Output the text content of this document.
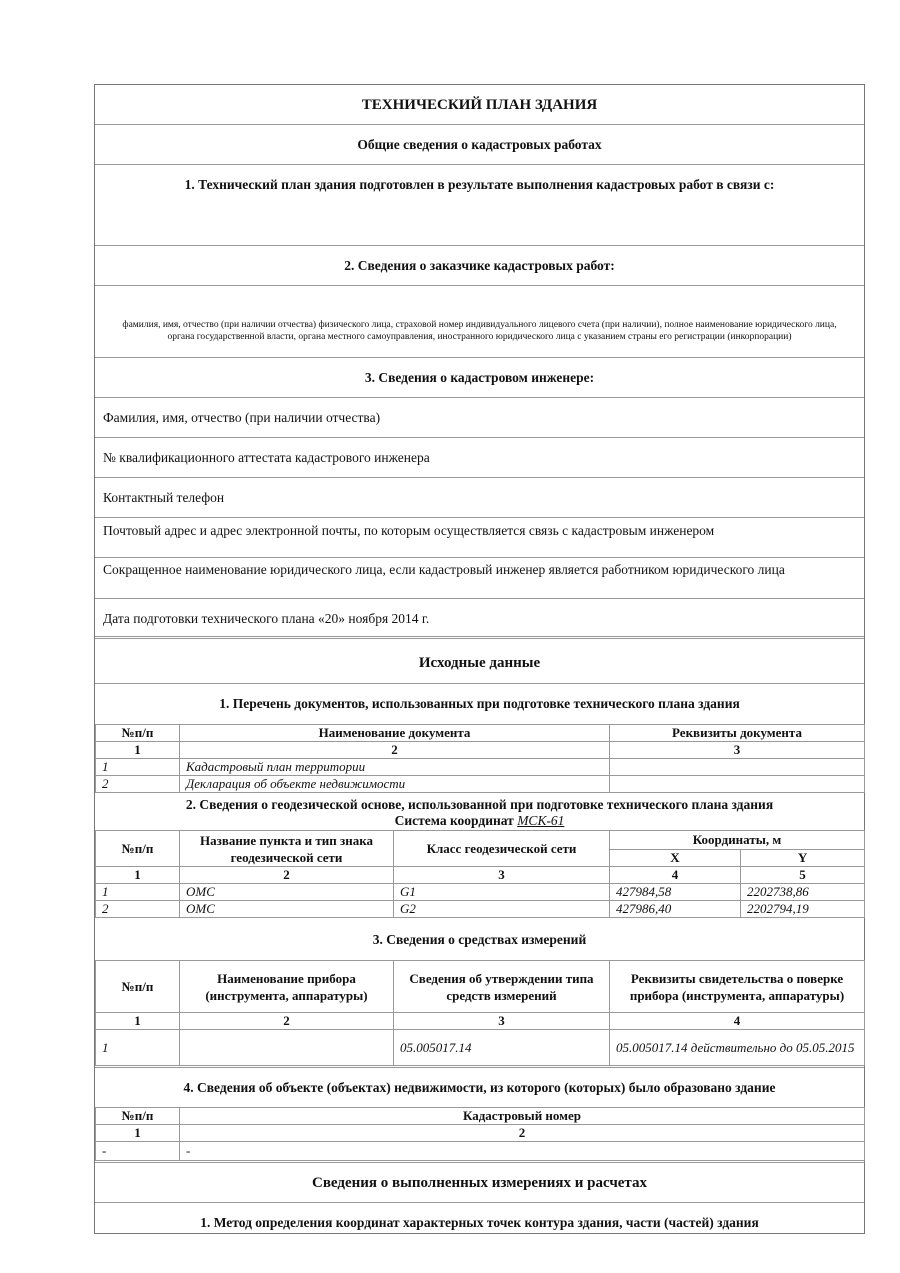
ТЕХНИЧЕСКИЙ ПЛАН ЗДАНИЯ
Общие сведения о кадастровых работах
1. Технический план здания подготовлен в результате выполнения кадастровых работ в связи с:
2. Сведения о заказчике кадастровых работ:
фамилия, имя, отчество (при наличии отчества) физического лица, страховой номер индивидуального лицевого счета (при наличии), полное наименование юридического лица, органа государственной власти, органа местного самоуправления, иностранного юридического лица с указанием страны его регистрации (инкорпорации)
3. Сведения о кадастровом инженере:
Фамилия, имя, отчество (при наличии отчества)
№ квалификационного аттестата кадастрового инженера
Контактный телефон
Почтовый адрес и адрес электронной почты, по которым осуществляется связь с кадастровым инженером
Сокращенное наименование юридического лица, если кадастровый инженер является работником юридического лица
Дата подготовки технического плана «20» ноября 2014 г.
Исходные данные
1. Перечень документов, использованных при подготовке технического плана здания
№п/п	Наименование документа	Реквизиты документа
1	2	3
1	Кадастровый план территории	
2	Декларация об объекте недвижимости	
2. Сведения о геодезической основе, использованной при подготовке технического плана здания
Система координат МСК-61
№п/п	Название пункта и тип знака геодезической сети	Класс геодезической сети	Координаты, м	
			X	Y
1	2	3	4	5
1	ОМС	G1	427984,58	2202738,86
2	ОМС	G2	427986,40	2202794,19
3. Сведения о средствах измерений
№п/п	Наименование прибора (инструмента, аппаратуры)	Сведения об утверждении типа средств измерений	Реквизиты свидетельства о поверке прибора (инструмента, аппаратуры)
1	2	3	4
1		05.005017.14	05.005017.14 действительно до 05.05.2015
4. Сведения об объекте (объектах) недвижимости, из которого (которых) было образовано здание
№п/п	Кадастровый номер
1	2
-	-
Сведения о выполненных измерениях и расчетах
1. Метод определения координат характерных точек контура здания, части (частей) здания
